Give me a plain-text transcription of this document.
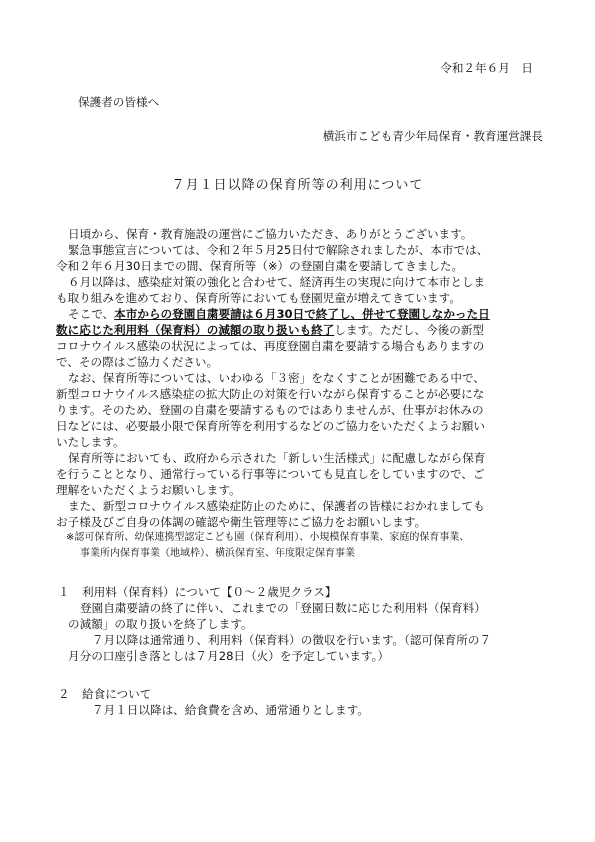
令和２年６月　日
保護者の皆様へ
横浜市こども青少年局保育・教育運営課長
７月１日以降の保育所等の利用について
日頃から、保育・教育施設の運営にご協力いただき、ありがとうございます。
緊急事態宣言については、令和２年５月25日付で解除されましたが、本市では、
令和２年６月30日までの間、保育所等（※）の登園自粛を要請してきました。
６月以降は、感染症対策の強化と合わせて、経済再生の実現に向けて本市としま
も取り組みを進めており、保育所等においても登園児童が増えてきています。
そこで、本市からの登園自粛要請は６月30日で終了し、併せて登園しなかった日
数に応じた利用料（保育料）の減額の取り扱いも終了します。ただし、今後の新型
コロナウイルス感染の状況によっては、再度登園自粛を要請する場合もありますの
で、その際はご協力ください。
なお、保育所等については、いわゆる「３密」をなくすことが困難である中で、
新型コロナウイルス感染症の拡大防止の対策を行いながら保育することが必要にな
ります。そのため、登園の自粛を要請するものではありませんが、仕事がお休みの
日などには、必要最小限で保育所等を利用するなどのご協力をいただくようお願い
いたします。
保育所等においても、政府から示された「新しい生活様式」に配慮しながら保育
を行うこととなり、通常行っている行事等についても見直しをしていますので、ご
理解をいただくようお願いします。
また、新型コロナウイルス感染症防止のために、保護者の皆様におかれましても
お子様及びご自身の体調の確認や衛生管理等にご協力をお願いします。
※認可保育所、幼保連携型認定こども園（保育利用）、小規模保育事業、家庭的保育事業、
事業所内保育事業（地域枠）、横浜保育室、年度限定保育事業
１ 利用料（保育料）について【０～２歳児クラス】
登園自粛要請の終了に伴い、これまでの「登園日数に応じた利用料（保育料）
の減額」の取り扱いを終了します。
７月以降は通常通り、利用料（保育料）の徴収を行います。（認可保育所の７
月分の口座引き落としは７月28日（火）を予定しています。）
２ 給食について
７月１日以降は、給食費を含め、通常通りとします。
